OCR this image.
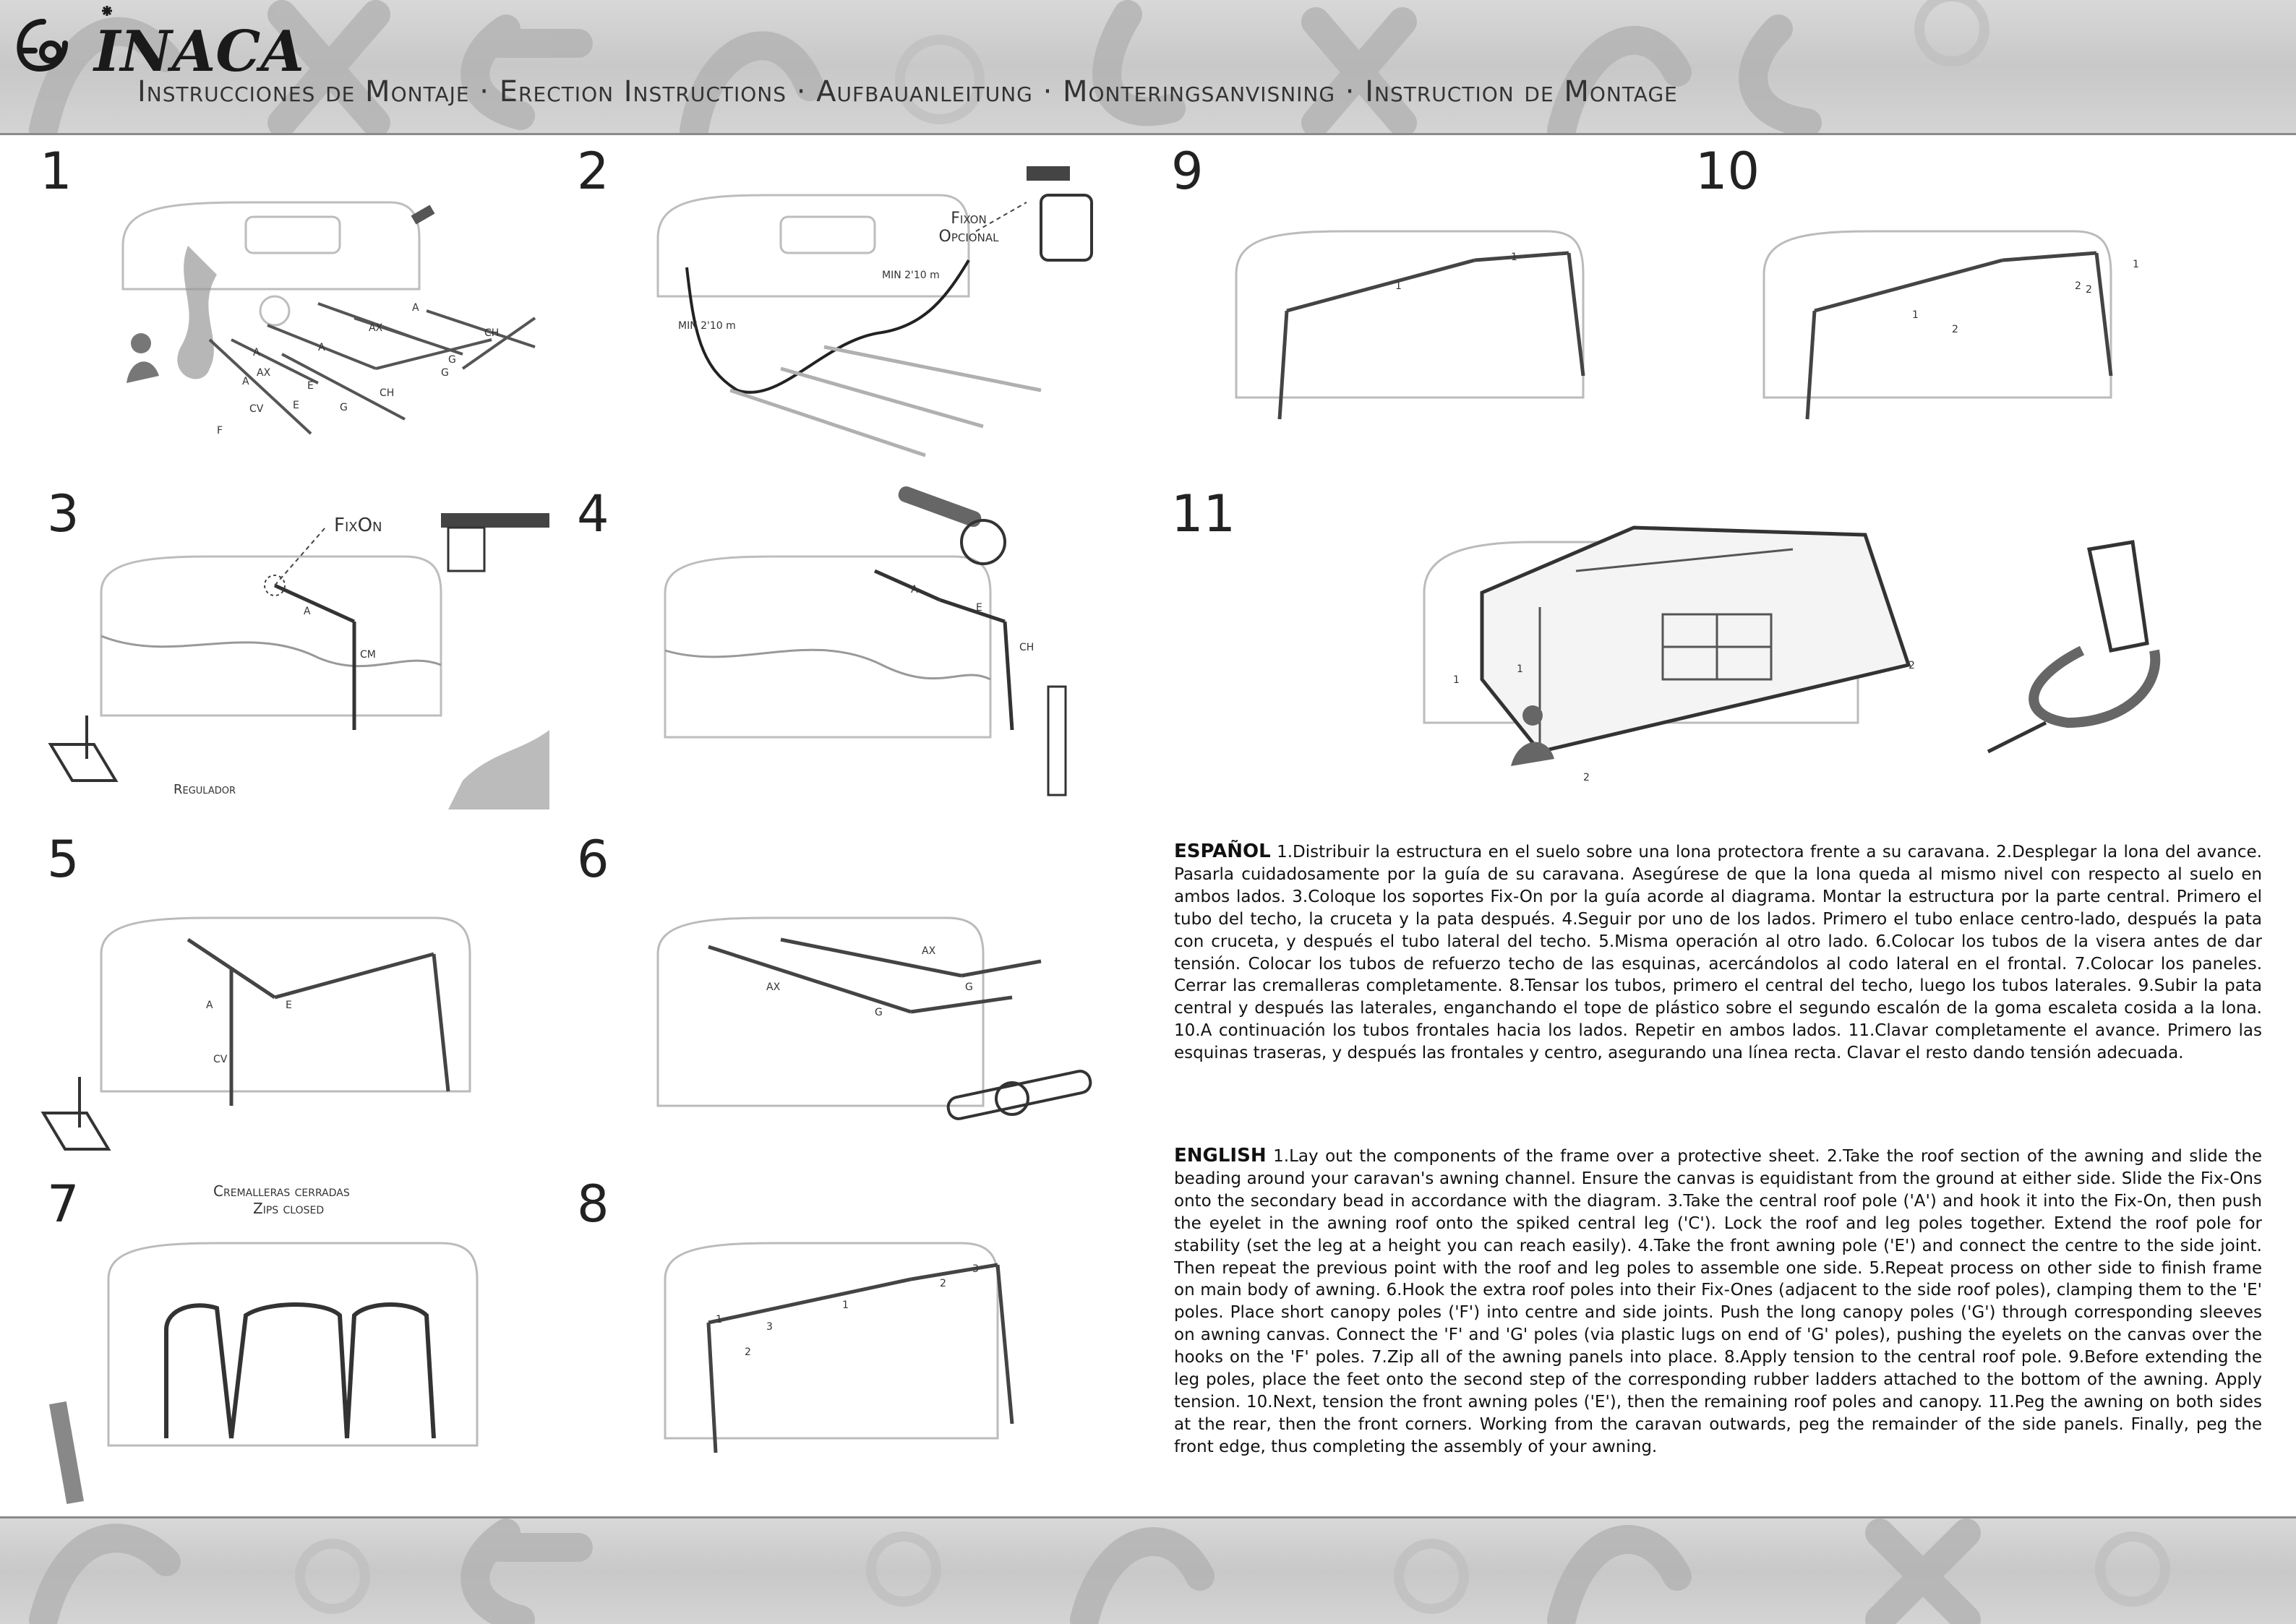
Instrucciones de Montaje · Erection Instructions · Aufbauanleitung · Monteringsanvisning · Instruction de Montage
INACA
1	2
3	4
5	6
7	8
9	10
11
A
AX
A	E
A
AX
A
CH
CV	G
CH
G
F
E
G
MIN 2'10 m
MIN 2'10 m
Fixon
Opcional
A
CM
FixOn
Regulador
A
E
CH
A	E
CV
AX
AX
G
G
Cremalleras cerradas
Zips closed
1
2
3
3
2
1
1
1
1
2
2
1
2
1
1	2
2
ESPAÑOL 1.Distribuir la estructura en el suelo sobre una lona protectora frente a su caravana. 2.Desplegar la lona del avance. Pasarla cuidadosamente por la guía de su caravana. Asegúrese de que la lona queda al mismo nivel con respecto al suelo en ambos lados. 3.Coloque los soportes Fix-On por la guía acorde al diagrama. Montar la estructura por la parte central. Primero el tubo del techo, la cruceta y la pata después. 4.Seguir por uno de los lados. Primero el tubo enlace centro-lado, después la pata con cruceta, y después el tubo lateral del techo. 5.Misma operación al otro lado. 6.Colocar los tubos de la visera antes de dar tensión. Colocar los tubos de refuerzo techo de las esquinas, acercándolos al codo lateral en el frontal. 7.Colocar los paneles. Cerrar las cremalleras completamente. 8.Tensar los tubos, primero el central del techo, luego los tubos laterales. 9.Subir la pata central y después las laterales, enganchando el tope de plástico sobre el segundo escalón de la goma escaleta cosida a la lona. 10.A continuación los tubos frontales hacia los lados. Repetir en ambos lados. 11.Clavar completamente el avance. Primero las esquinas traseras, y después las frontales y centro, asegurando una línea recta. Clavar el resto dando tensión adecuada.
ENGLISH 1.Lay out the components of the frame over a protective sheet. 2.Take the roof section of the awning and slide the beading around your caravan's awning channel. Ensure the canvas is equidistant from the ground at either side. Slide the Fix-Ons onto the secondary bead in accordance with the diagram. 3.Take the central roof pole ('A') and hook it into the Fix-On, then push the eyelet in the awning roof onto the spiked central leg ('C'). Lock the roof and leg poles together. Extend the roof pole for stability (set the leg at a height you can reach easily). 4.Take the front awning pole ('E') and connect the centre to the side joint. Then repeat the previous point with the roof and leg poles to assemble one side. 5.Repeat process on other side to finish frame on main body of awning. 6.Hook the extra roof poles into their Fix-Ones (adjacent to the side roof poles), clamping them to the 'E' poles. Place short canopy poles ('F') into centre and side joints. Push the long canopy poles ('G') through corresponding sleeves on awning canvas. Connect the 'F' and 'G' poles (via plastic lugs on end of 'G' poles), pushing the eyelets on the canvas over the hooks on the 'F' poles. 7.Zip all of the awning panels into place. 8.Apply tension to the central roof pole. 9.Before extending the leg poles, place the feet onto the second step of the corresponding rubber ladders attached to the bottom of the awning. Apply tension. 10.Next, tension the front awning poles ('E'), then the remaining roof poles and canopy. 11.Peg the awning on both sides at the rear, then the front corners. Working from the caravan outwards, peg the remainder of the side panels. Finally, peg the front edge, thus completing the assembly of your awning.
